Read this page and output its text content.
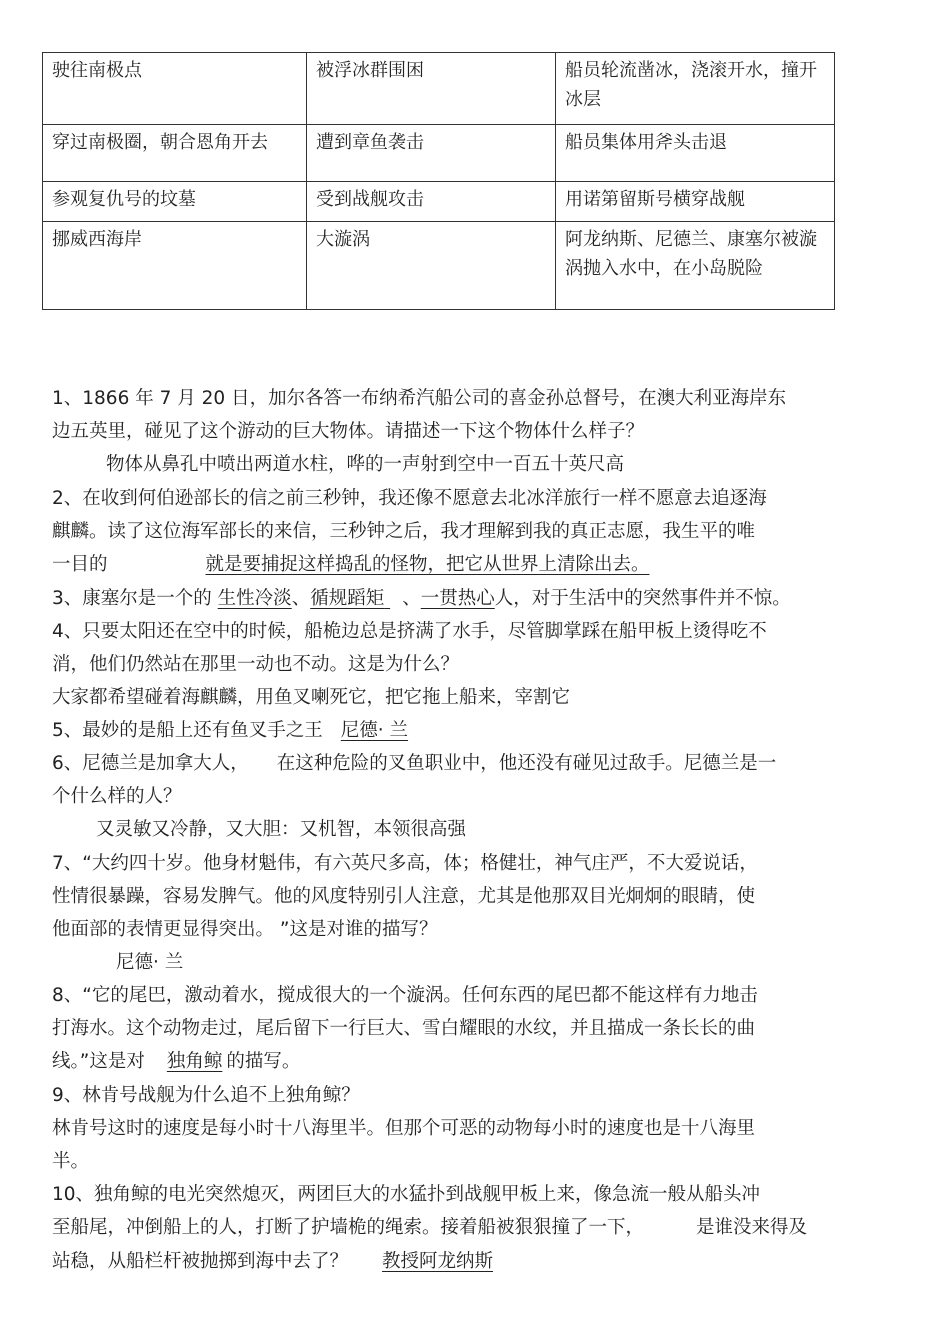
驶往南极点	被浮冰群围困	船员轮流凿冰，浇滚开水，撞开冰层
穿过南极圈，朝合恩角开去	遭到章鱼袭击	船员集体用斧头击退
参观复仇号的坟墓	受到战舰攻击	用诺第留斯号横穿战舰
挪威西海岸	大漩涡	阿龙纳斯、尼德兰、康塞尔被漩涡抛入水中，在小岛脱险
1、1866 年 7 月 20 日，加尔各答一布纳希汽船公司的喜金孙总督号，在澳大利亚海岸东
边五英里，碰见了这个游动的巨大物体。请描述一下这个物体什么样子？
物体从鼻孔中喷出两道水柱，哗的一声射到空中一百五十英尺高
2、在收到何伯逊部长的信之前三秒钟，我还像不愿意去北冰洋旅行一样不愿意去追逐海
麒麟。读了这位海军部长的来信，三秒钟之后，我才理解到我的真正志愿，我生平的唯
一目的	就是要捕捉这样捣乱的怪物，把它从世界上清除出去。
3、康塞尔是一个的 生性冷淡、循规蹈矩 、一贯热心人，对于生活中的突然事件并不惊。
4、只要太阳还在空中的时候，船桅边总是挤满了水手，尽管脚掌踩在船甲板上烫得吃不
消，他们仍然站在那里一动也不动。这是为什么？
大家都希望碰着海麒麟，用鱼叉喇死它，把它拖上船来，宰割它
5、最妙的是船上还有鱼叉手之王 尼德· 兰
6、尼德兰是加拿大人， 在这种危险的叉鱼职业中，他还没有碰见过敌手。尼德兰是一
个什么样的人？
又灵敏又冷静，又大胆：又机智，本领很高强
7、“大约四十岁。他身材魁伟，有六英尺多高，体；格健壮，神气庄严，不大爱说话，
性情很暴躁，容易发脾气。他的风度特别引人注意，尤其是他那双目光炯炯的眼睛，使
他面部的表情更显得突出。 ”这是对谁的描写？
尼德· 兰
8、“它的尾巴，激动着水，搅成很大的一个漩涡。任何东西的尾巴都不能这样有力地击
打海水。这个动物走过，尾后留下一行巨大、雪白耀眼的水纹，并且描成一条长长的曲
线。”这是对 独角鲸 的描写。
9、林肯号战舰为什么追不上独角鲸？
林肯号这时的速度是每小时十八海里半。但那个可恶的动物每小时的速度也是十八海里
半。
10、独角鲸的电光突然熄灭，两团巨大的水猛扑到战舰甲板上来，像急流一般从船头冲
至船尾，冲倒船上的人，打断了护墙桅的绳索。接着船被狠狠撞了一下，	是谁没来得及
站稳，从船栏杆被抛掷到海中去了？ 教授阿龙纳斯
